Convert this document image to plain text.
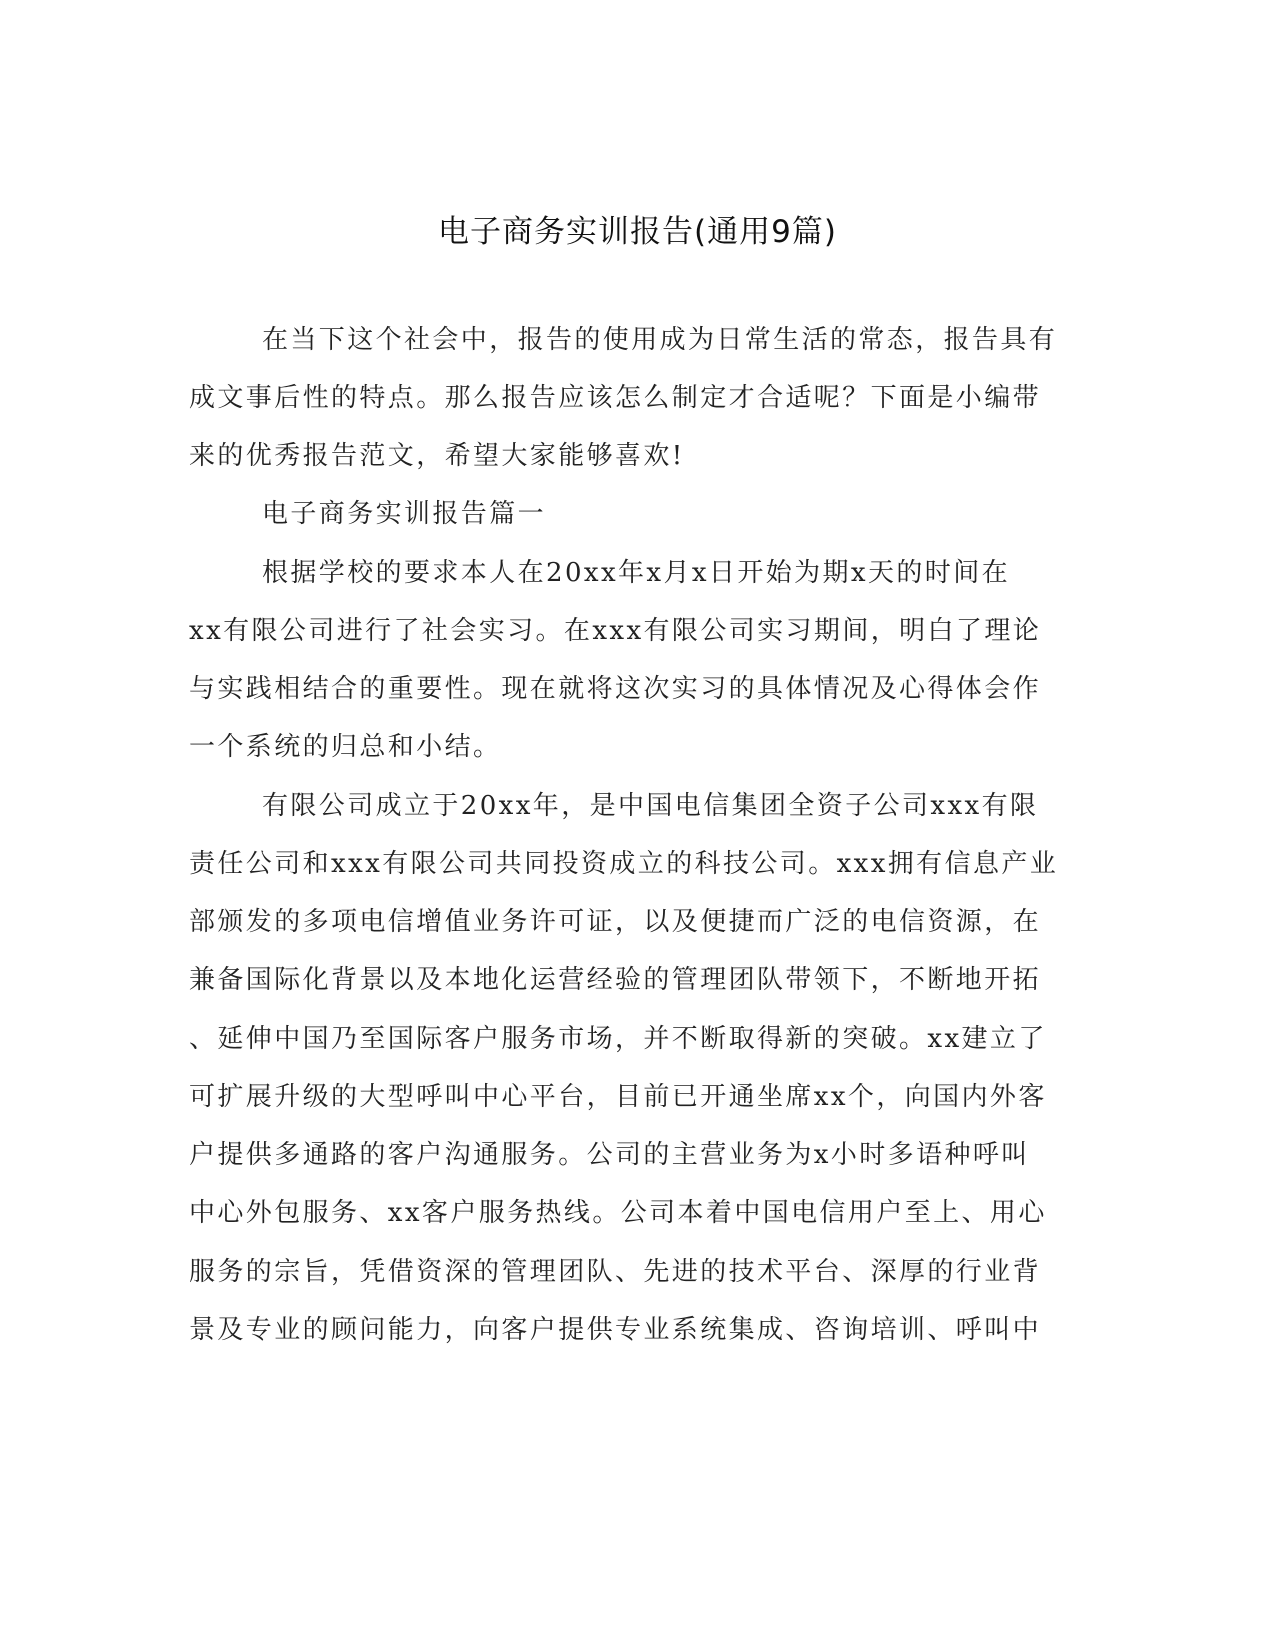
电子商务实训报告(通用9篇)
在当下这个社会中，报告的使用成为日常生活的常态，报告具有
成文事后性的特点。那么报告应该怎么制定才合适呢？下面是小编带
来的优秀报告范文，希望大家能够喜欢!
电子商务实训报告篇一
根据学校的要求本人在20xx年x月x日开始为期x天的时间在
xx有限公司进行了社会实习。在xxx有限公司实习期间，明白了理论
与实践相结合的重要性。现在就将这次实习的具体情况及心得体会作
一个系统的归总和小结。
有限公司成立于20xx年，是中国电信集团全资子公司xxx有限
责任公司和xxx有限公司共同投资成立的科技公司。xxx拥有信息产业
部颁发的多项电信增值业务许可证，以及便捷而广泛的电信资源，在
兼备国际化背景以及本地化运营经验的管理团队带领下，不断地开拓
、延伸中国乃至国际客户服务市场，并不断取得新的突破。xx建立了
可扩展升级的大型呼叫中心平台，目前已开通坐席xx个，向国内外客
户提供多通路的客户沟通服务。公司的主营业务为x小时多语种呼叫
中心外包服务、xx客户服务热线。公司本着中国电信用户至上、用心
服务的宗旨，凭借资深的管理团队、先进的技术平台、深厚的行业背
景及专业的顾问能力，向客户提供专业系统集成、咨询培训、呼叫中
